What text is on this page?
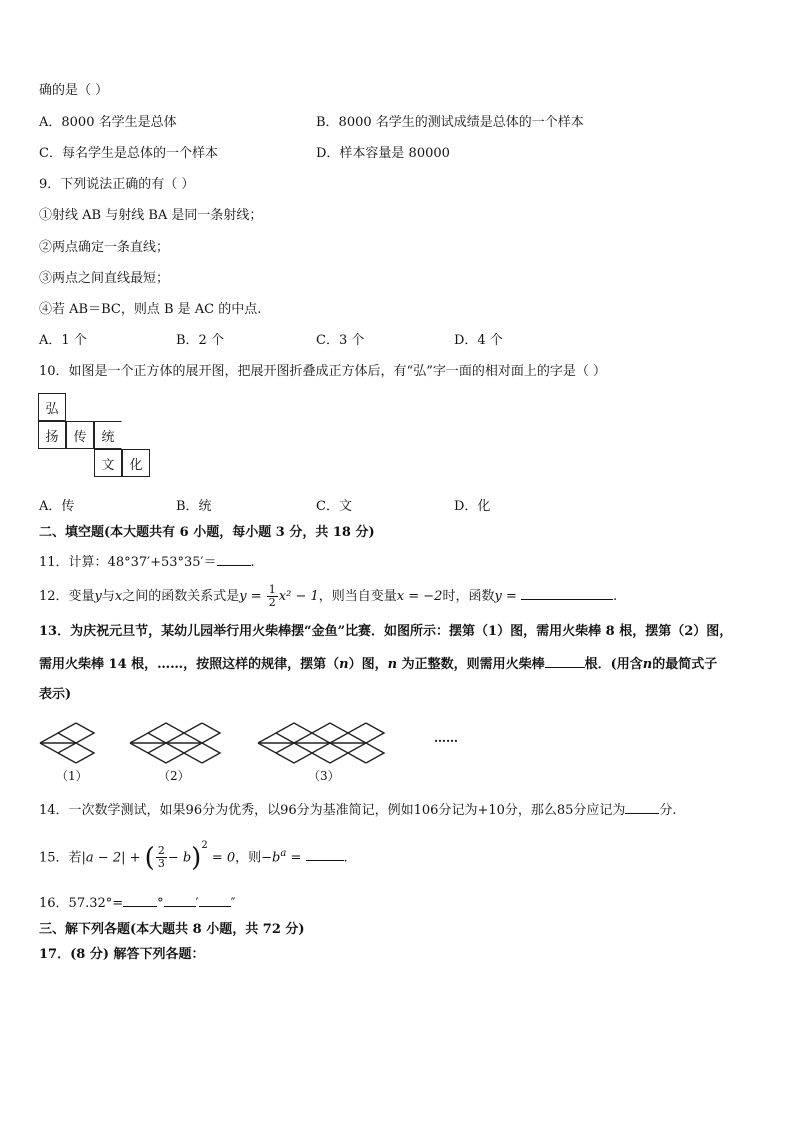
确的是（ ）
A．8000 名学生是总体	B．8000 名学生的测试成绩是总体的一个样本
C．每名学生是总体的一个样本	D．样本容量是 80000
9．下列说法正确的有（ ）
①射线 AB 与射线 BA 是同一条射线；
②两点确定一条直线；
③两点之间直线最短；
④若 AB＝BC，则点 B 是 AC 的中点.
A．1 个	B．2 个	C．3 个	D．4 个
10．如图是一个正方体的展开图，把展开图折叠成正方体后，有“弘”字一面的相对面上的字是（ ）
弘
扬	传	统
文	化
A．传	B．统	C．文	D．化
二、填空题(本大题共有 6 小题，每小题 3 分，共 18 分)
11．计算：48°37′+53°35′＝	.
12．变量y与x之间的函数关系式是$y = \frac{1}{2} x^2 - 1$，则当自变量x = −2时，函数y =	.
13．为庆祝元旦节，某幼儿园举行用火柴棒摆“金鱼”比赛．如图所示：摆第（1）图，需用火柴棒 8 根，摆第（2）图，
需用火柴棒 14 根，……，按照这样的规律，摆第（n）图，n 为正整数，则需用火柴棒	根．(用含n的最简式子
表示)
（1）	（2）	（3）
……
14．一次数学测试，如果96分为优秀，以96分为基准简记，例如106分记为+10分，那么85分应记为	分.
15．若|a − 2| + ( $\frac{2}{3} - b)^2 = 0$，则$-b^a$ =	.
16．57.32°=	° ′ ″
三、解下列各题(本大题共 8 小题，共 72 分)
17．(8 分) 解答下列各题：
